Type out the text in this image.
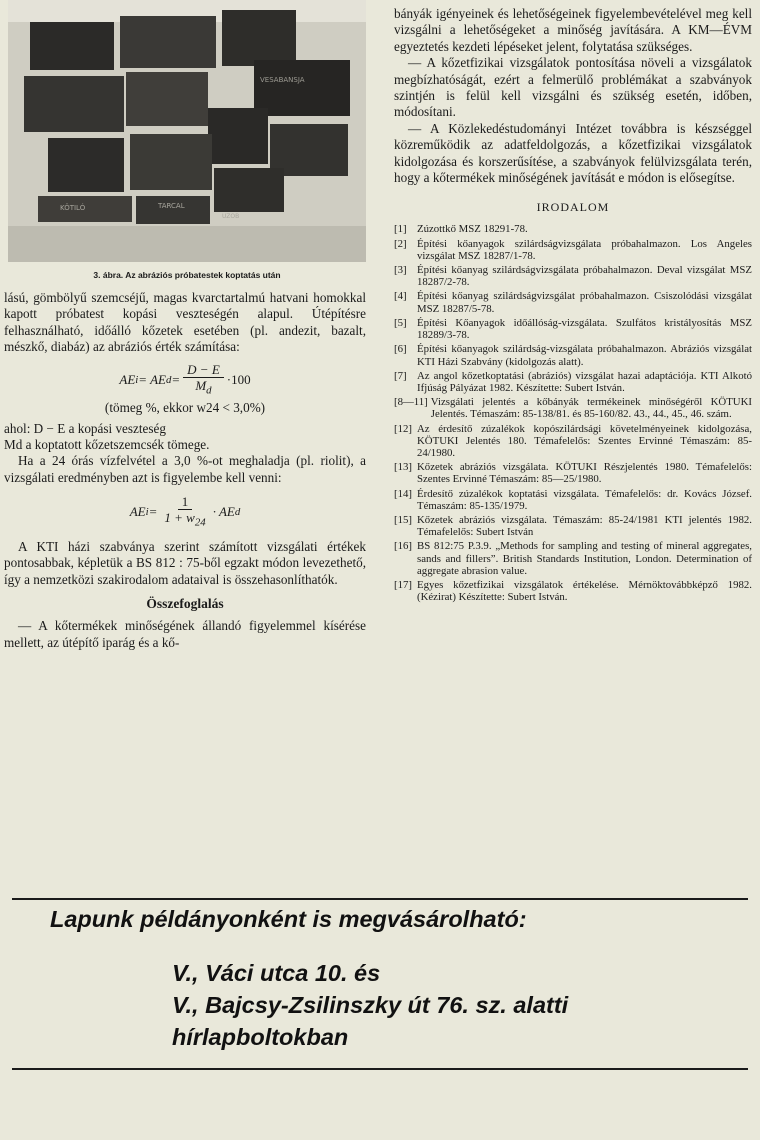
VESABANSJA
KÖTILÓ	TARCAL
UZOB
3. ábra. Az abráziós próbatestek koptatás után

lású, gömbölyű szemcséjű, magas kvarctartalmú hatvani homokkal kapott próbatest kopási veszteségén alapul. Útépítésre felhasználható, időálló kőzetek esetében (pl. andezit, bazalt, mészkő, diabáz) az abráziós érték számítása:

AE i = AE $d = \frac{D - E}{M_d} \cdot 100$
(tömeg %, ekkor w24 < 3,0%)

ahol: D − E a kopási veszteség

Md a koptatott kőzetszemcsék tömege.

Ha a 24 órás vízfelvétel a 3,0 %-ot meghaladja (pl. riolit), a vizsgálati eredményben azt is figyelembe kell venni:

AE $i = \frac{1}{1 + w_{24}}$ · AE d

A KTI házi szabványa szerint számított vizsgálati értékek pontosabbak, képletük a BS 812 : 75-ből egzakt módon levezethető, így a nemzetközi szakirodalom adataival is összehasonlíthatók.

Összefoglalás

— A kőtermékek minőségének állandó figyelemmel kísérése mellett, az útépítő iparág és a kő-

bányák igényeinek és lehetőségeinek figyelembevételével meg kell vizsgálni a lehetőségeket a minőség javítására. A KM—ÉVM egyeztetés kezdeti lépéseket jelent, folytatása szükséges.

— A kőzetfizikai vizsgálatok pontosítása növeli a vizsgálatok megbízhatóságát, ezért a felmerülő problémákat a szabványok szintjén is felül kell vizsgálni és szükség esetén, időben, módosítani.

— A Közlekedéstudományi Intézet továbbra is készséggel közreműködik az adatfeldolgozás, a kőzetfizikai vizsgálatok kidolgozása és korszerűsítése, a szabványok felülvizsgálata terén, hogy a kőtermékek minőségének javítását e módon is elősegítse.

IRODALOM
[1] Zúzottkő MSZ 18291-78.
[2] Építési kőanyagok szilárdságvizsgálata próbahalmazon. Los Angeles vizsgálat MSZ 18287/1-78.
[3] Építési kőanyag szilárdságvizsgálata próbahalmazon. Deval vizsgálat MSZ 18287/2-78.
[4] Építési kőanyag szilárdságvizsgálat próbahalmazon. Csiszolódási vizsgálat MSZ 18287/5-78.
[5] Építési Kőanyagok időállóság-vizsgálata. Szulfátos kristályosítás MSZ 18289/3-78.
[6] Építési kőanyagok szilárdság-vizsgálata próbahalmazon. Abráziós vizsgálat KTI Házi Szabvány (kidolgozás alatt).
[7] Az angol kőzetkoptatási (abráziós) vizsgálat hazai adaptációja. KTI Alkotó Ifjúság Pályázat 1982. Készítette: Subert István.
[8—11] Vizsgálati jelentés a kőbányák termékeinek minőségéről KÖTUKI Jelentés. Témaszám: 85-138/81. és 85-160/82. 43., 44., 45., 46. szám.
[12] Az érdesítő zúzalékok kopószilárdsági követelményeinek kidolgozása, KÖTUKI Jelentés 180. Témafelelős: Szentes Ervinné Témaszám: 85-24/1980.
[13] Kőzetek abráziós vizsgálata. KÖTUKI Részjelentés 1980. Témafelelős: Szentes Ervinné Témaszám: 85—25/1980.
[14] Érdesítő zúzalékok koptatási vizsgálata. Témafelelős: dr. Kovács József. Témaszám: 85-135/1979.
[15] Kőzetek abráziós vizsgálata. Témaszám: 85-24/1981 KTI jelentés 1982. Témafelelős: Subert István
[16] BS 812:75 P.3.9. „Methods for sampling and testing of mineral aggregates, sands and fillers”. British Standards Institution, London. Determination of aggregate abrasion value.
[17] Egyes kőzetfizikai vizsgálatok értékelése. Mérnöktovábbképző 1982. (Kézirat) Készítette: Subert István.
Lapunk példányonként is megvásárolható:
V., Váci utca 10. és
V., Bajcsy-Zsilinszky út 76. sz. alatti
hírlapboltokban
